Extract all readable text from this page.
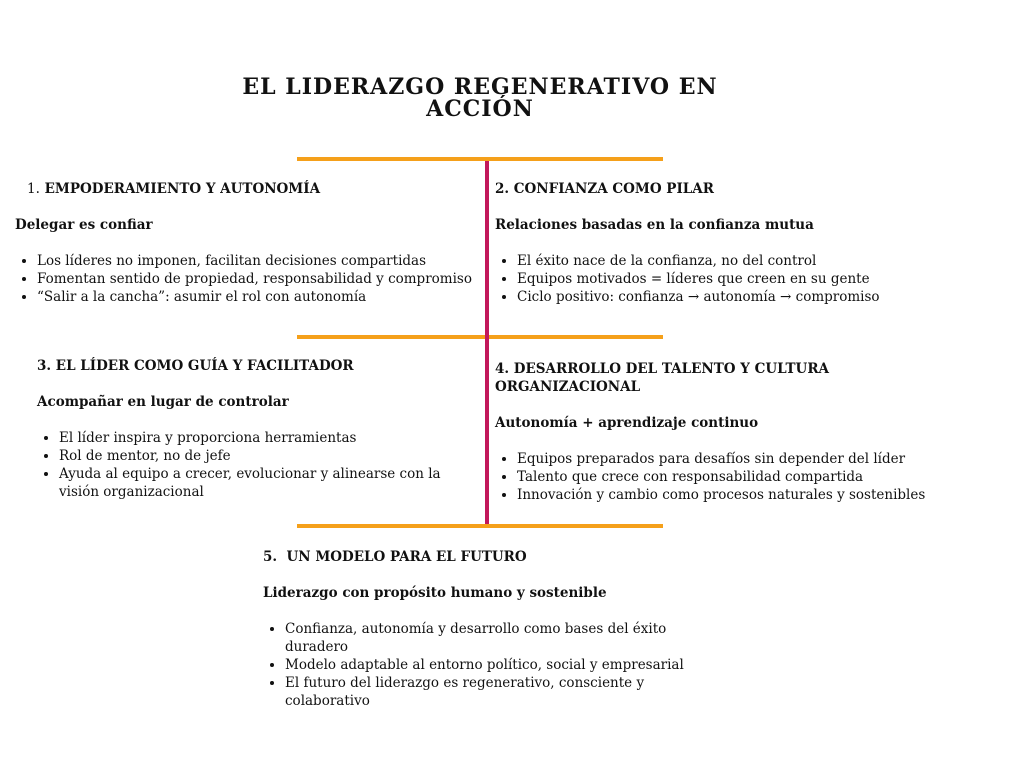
EL LIDERAZGO REGENERATIVO EN ACCIÓN

1. EMPODERAMIENTO Y AUTONOMÍA

Delegar es confiar

• Los líderes no imponen, facilitan decisiones compartidas
• Fomentan sentido de propiedad, responsabilidad y compromiso
• “Salir a la cancha”: asumir el rol con autonomía

2. CONFIANZA COMO PILAR

Relaciones basadas en la confianza mutua

• El éxito nace de la confianza, no del control
• Equipos motivados = líderes que creen en su gente
• Ciclo positivo: confianza → autonomía → compromiso

3. EL LÍDER COMO GUÍA Y FACILITADOR

Acompañar en lugar de controlar

• El líder inspira y proporciona herramientas
• Rol de mentor, no de jefe
• Ayuda al equipo a crecer, evolucionar y alinearse con la visión organizacional

4. DESARROLLO DEL TALENTO Y CULTURA ORGANIZACIONAL

Autonomía + aprendizaje continuo

• Equipos preparados para desafíos sin depender del líder
• Talento que crece con responsabilidad compartida
• Innovación y cambio como procesos naturales y sostenibles

5. UN MODELO PARA EL FUTURO

Liderazgo con propósito humano y sostenible

• Confianza, autonomía y desarrollo como bases del éxito duradero
• Modelo adaptable al entorno político, social y empresarial
• El futuro del liderazgo es regenerativo, consciente y colaborativo
